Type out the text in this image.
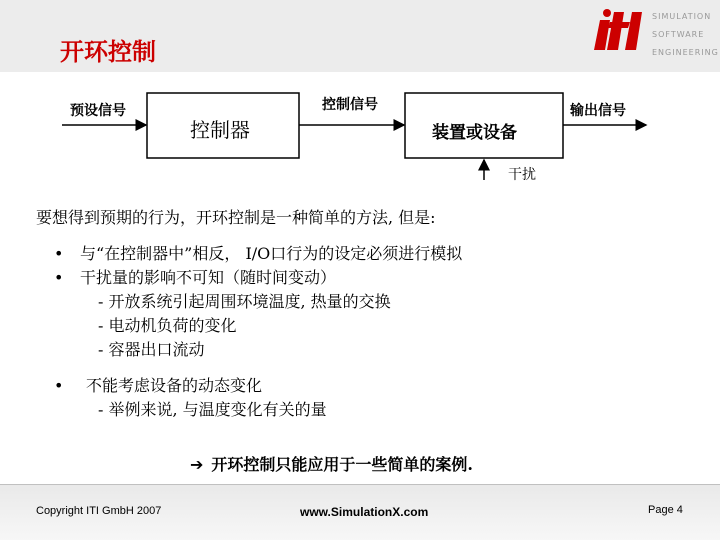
开环控制
SIMULATION
SOFTWARE
ENGINEERING
预设信号
控制器
控制信号
装置或设备
输出信号
干扰
要想得到预期的行为，开环控制是一种简单的方法, 但是:
• 与“在控制器中”相反， I/O口行为的设定必须进行模拟
• 干扰量的影响不可知（随时间变动）
- 开放系统引起周围环境温度, 热量的交换
- 电动机负荷的变化
- 容器出口流动
• 不能考虑设备的动态变化
- 举例来说, 与温度变化有关的量
➔ 开环控制只能应用于一些简单的案例.
Copyright ITI GmbH 2007	www.SimulationX.com	Page 4
